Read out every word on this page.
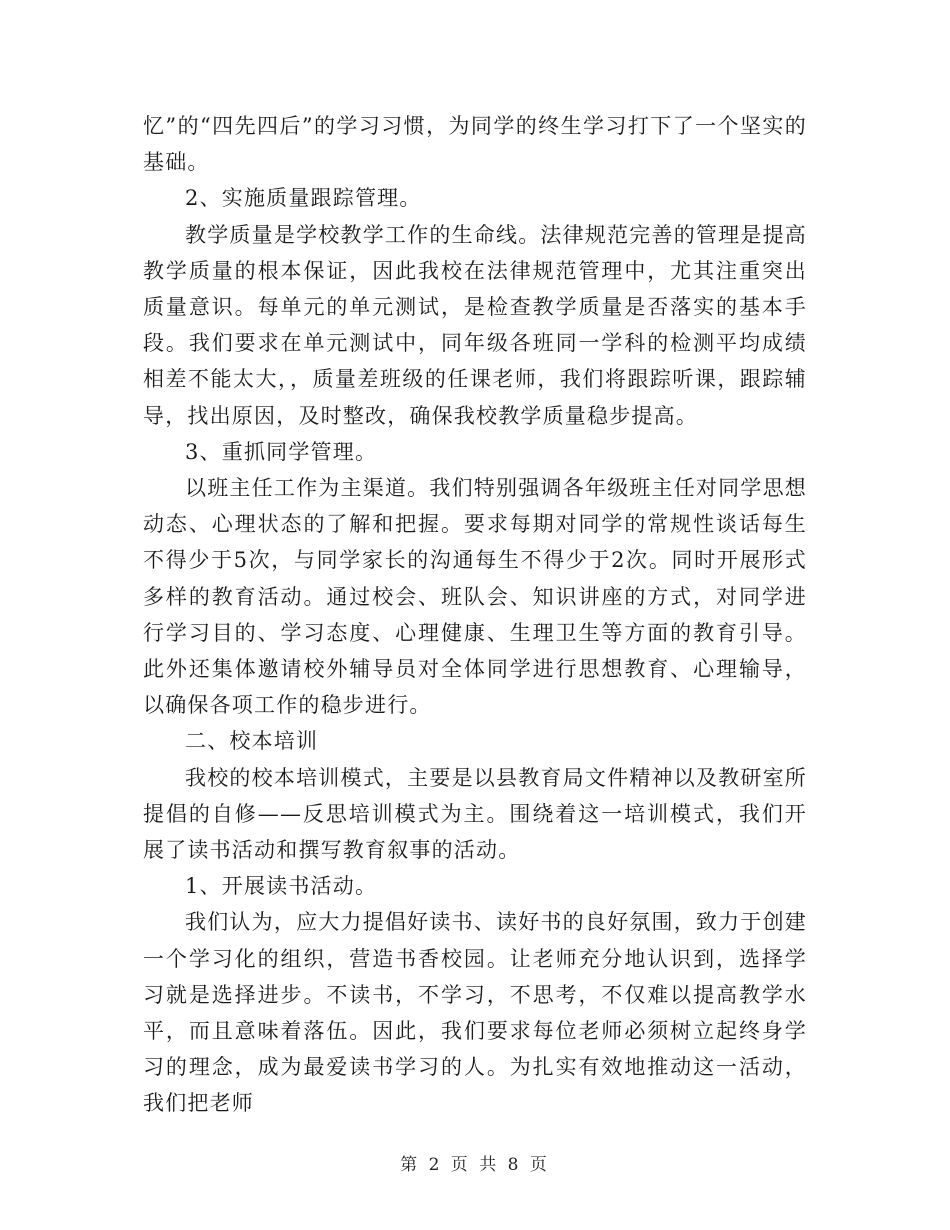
忆”的“四先四后”的学习习惯，为同学的终生学习打下了一个坚实的基础。

2、实施质量跟踪管理。

教学质量是学校教学工作的生命线。法律规范完善的管理是提高教学质量的根本保证，因此我校在法律规范管理中，尤其注重突出质量意识。每单元的单元测试，是检查教学质量是否落实的基本手段。我们要求在单元测试中，同年级各班同一学科的检测平均成绩相差不能太大，，质量差班级的任课老师，我们将跟踪听课，跟踪辅导，找出原因，及时整改，确保我校教学质量稳步提高。

3、重抓同学管理。

以班主任工作为主渠道。我们特别强调各年级班主任对同学思想动态、心理状态的了解和把握。要求每期对同学的常规性谈话每生不得少于5次，与同学家长的沟通每生不得少于2次。同时开展形式多样的教育活动。通过校会、班队会、知识讲座的方式，对同学进行学习目的、学习态度、心理健康、生理卫生等方面的教育引导。此外还集体邀请校外辅导员对全体同学进行思想教育、心理输导，以确保各项工作的稳步进行。

二、校本培训

我校的校本培训模式，主要是以县教育局文件精神以及教研室所提倡的自修——反思培训模式为主。围绕着这一培训模式，我们开展了读书活动和撰写教育叙事的活动。

1、开展读书活动。

我们认为，应大力提倡好读书、读好书的良好氛围，致力于创建一个学习化的组织，营造书香校园。让老师充分地认识到，选择学习就是选择进步。不读书，不学习，不思考，不仅难以提高教学水平，而且意味着落伍。因此，我们要求每位老师必须树立起终身学习的理念，成为最爱读书学习的人。为扎实有效地推动这一活动，我们把老师

第 2 页 共 8 页
